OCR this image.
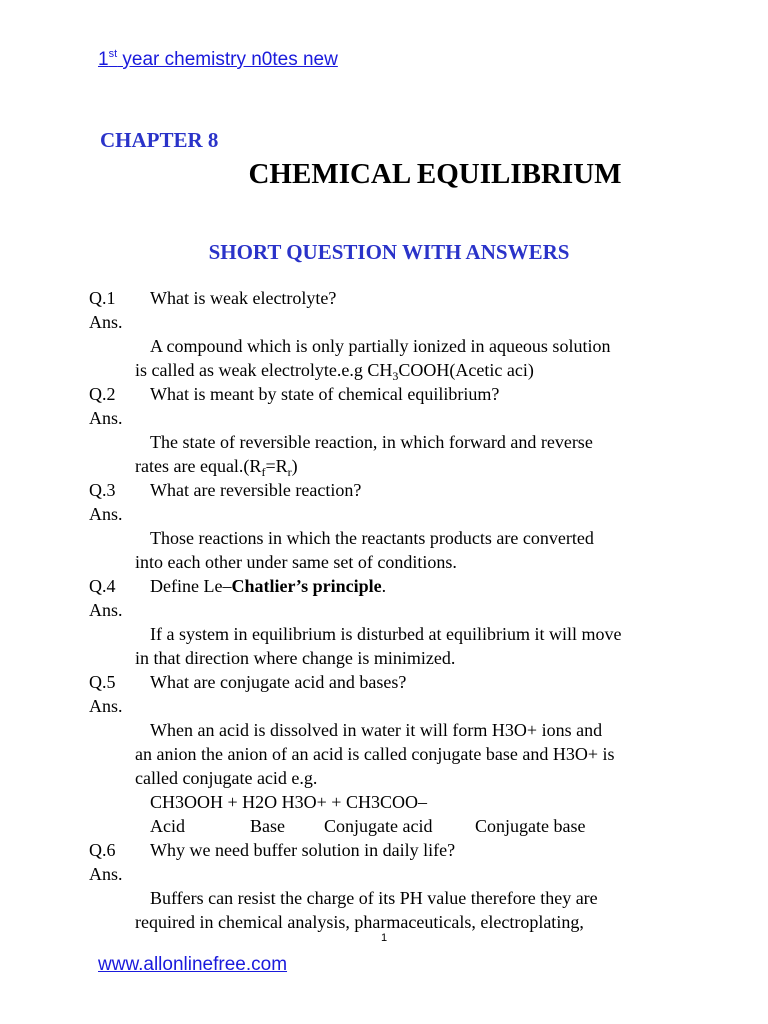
1st year chemistry n0tes new
CHAPTER 8
CHEMICAL EQUILIBRIUM
SHORT QUESTION WITH ANSWERS
Q.1 What is weak electrolyte?
Ans.
A compound which is only partially ionized in aqueous solution
is called as weak electrolyte.e.g $CH_3COOH(Acetic$ aci)
Q.2 What is meant by state of chemical equilibrium?
Ans.
The state of reversible reaction, in which forward and reverse
rates are $equal.(R_f=R_r)$
Q.3 What are reversible reaction?
Ans.
Those reactions in which the reactants products are converted
into each other under same set of conditions.
Q.4 Define Le–Chatlier’s principle.
Ans.
If a system in equilibrium is disturbed at equilibrium it will move
in that direction where change is minimized.
Q.5 What are conjugate acid and bases?
Ans.
When an acid is dissolved in water it will form H3O+ ions and
an anion the anion of an acid is called conjugate base and H3O+ is
called conjugate acid e.g.
CH3OOH + H2O H3O+ + CH3COO–
Acid	Base Conjugate acid Conjugate base
Q.6 Why we need buffer solution in daily life?
Ans.
Buffers can resist the charge of its PH value therefore they are
required in chemical analysis, pharmaceuticals, electroplating,
1
www.allonlinefree.com
